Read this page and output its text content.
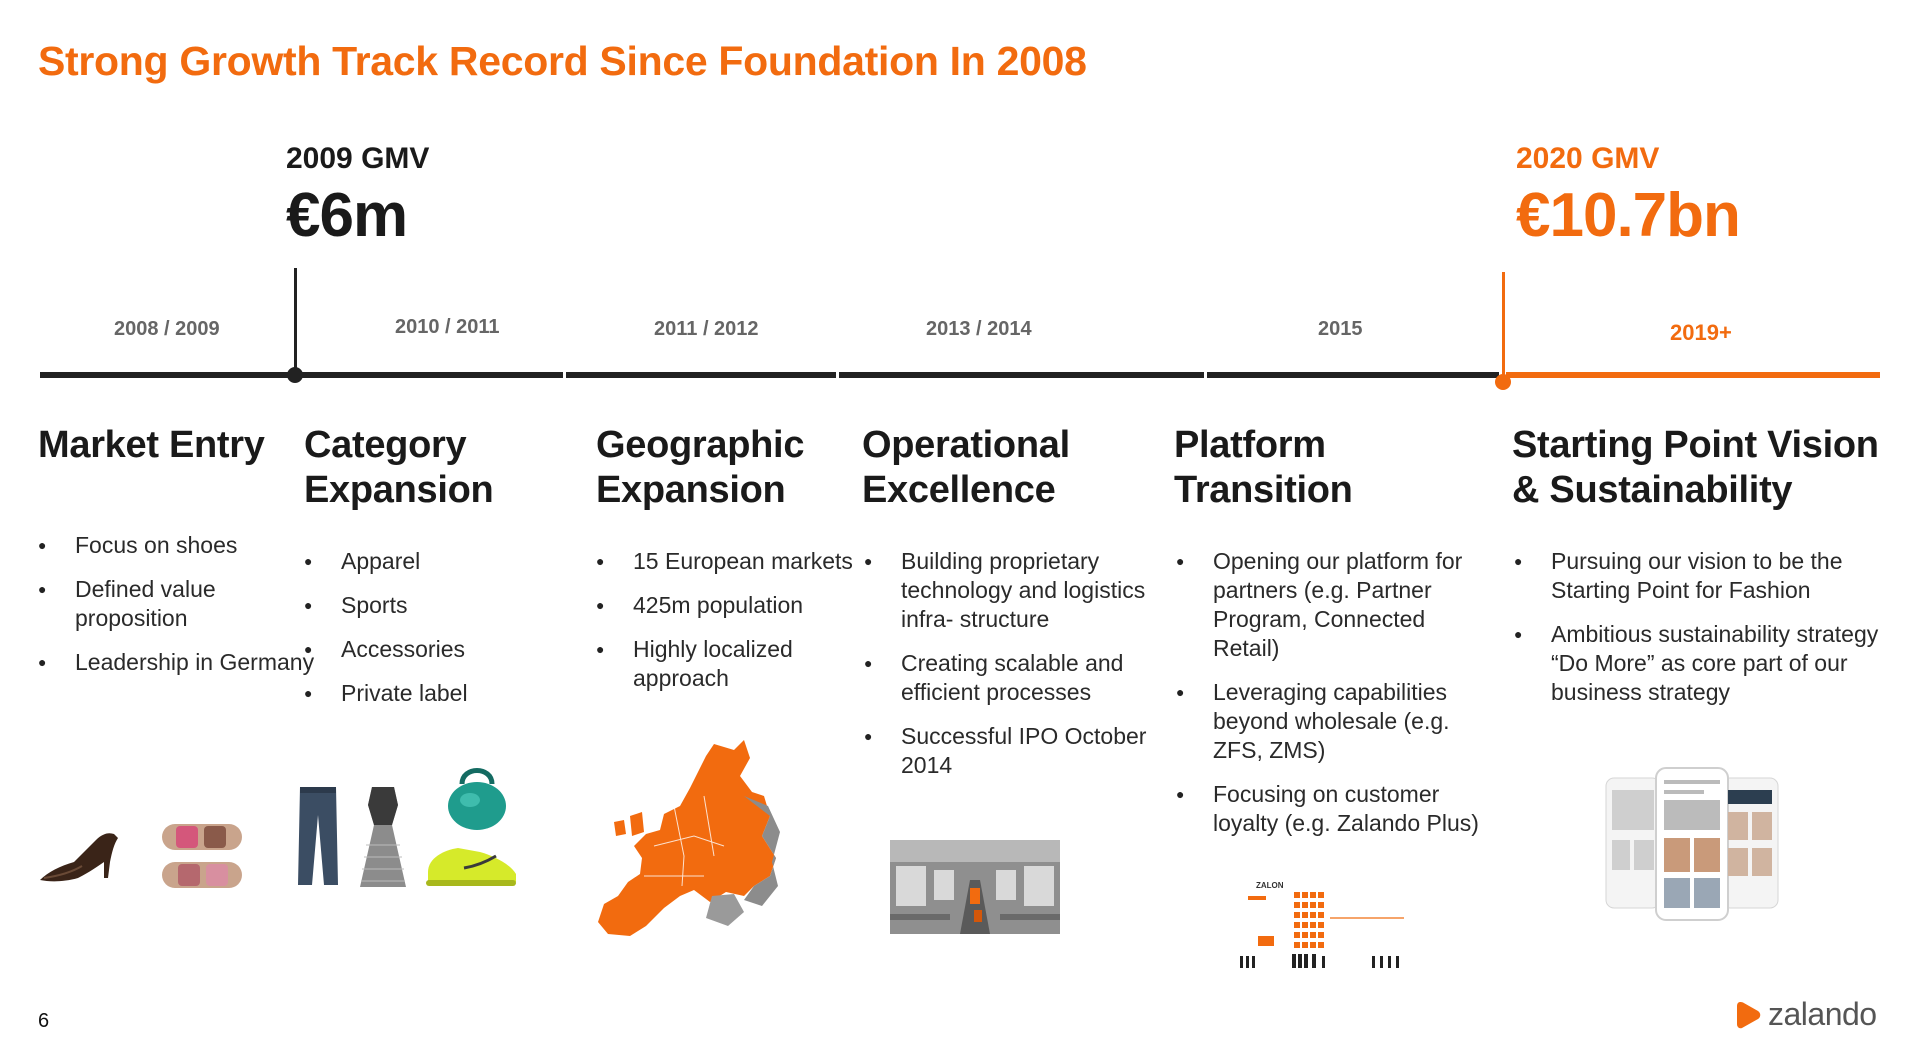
Strong Growth Track Record Since Foundation In 2008
2009 GMV
€6m
2020 GMV
€10.7bn
2008 / 2009	2010 / 2011	2011 / 2012	2013 / 2014	2015	2019+
Market Entry Category
Expansion
Geographic
Expansion
Operational
Excellence
Platform
Transition
Starting Point Vision
& Sustainability
● Focus on shoes
● Defined value proposition
● Leadership in Germany
● Apparel
● Sports
● Accessories
● Private label
● 15 European markets
● 425m population
● Highly localized approach
● Building proprietary technology and logistics infra- structure
● Creating scalable and efficient processes
● Successful IPO October 2014
● Opening our platform for partners (e.g. Partner Program, Connected Retail)
● Leveraging capabilities beyond wholesale (e.g. ZFS, ZMS)
● Focusing on customer loyalty (e.g. Zalando Plus)
● Pursuing our vision to be the Starting Point for Fashion
● Ambitious sustainability strategy “Do More” as core part of our business strategy
ZALON
6	zalando
